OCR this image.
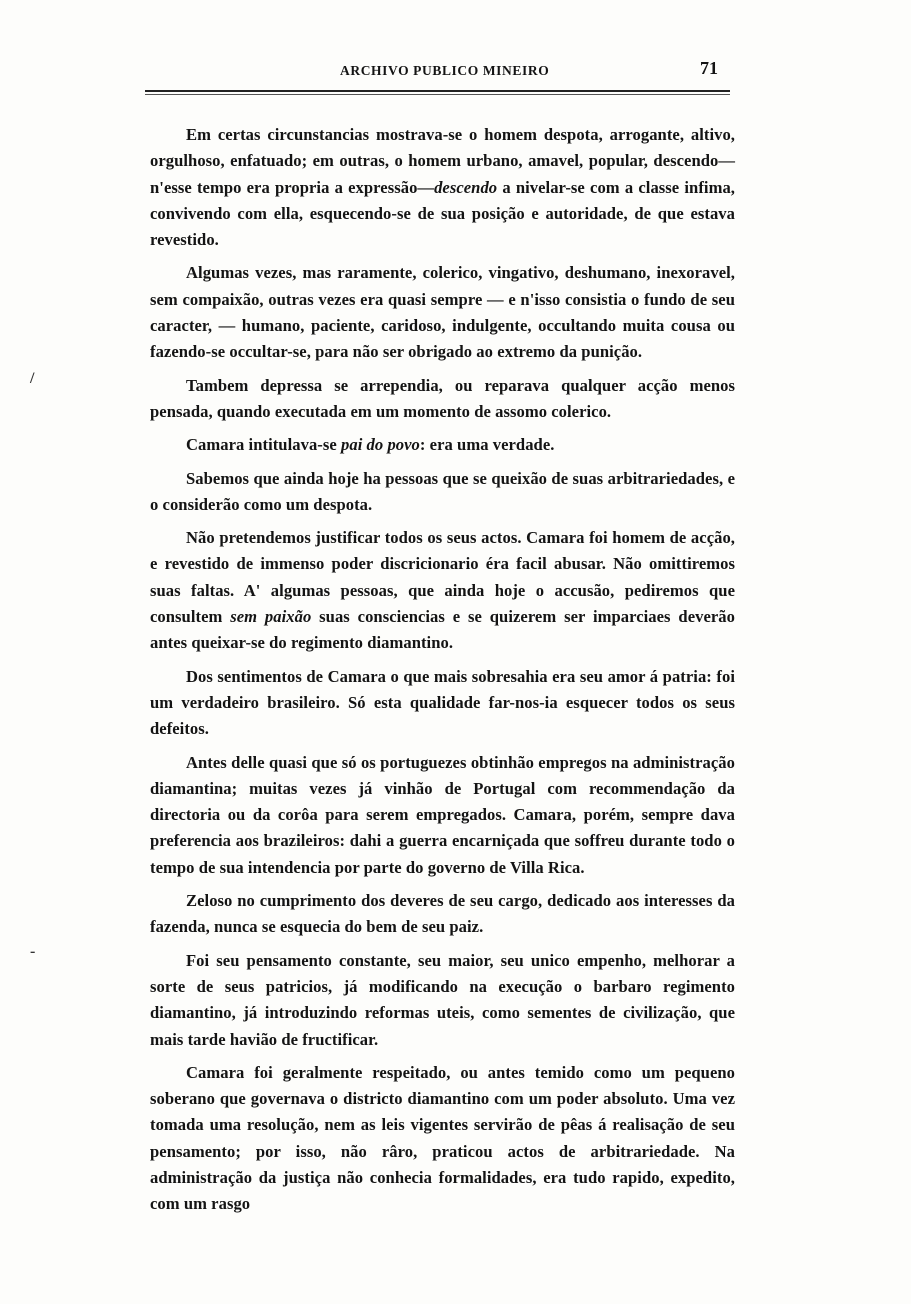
ARCHIVO PUBLICO MINEIRO	71
/
-

Em certas circunstancias mostrava-se o homem despota, arrogante, altivo, orgulhoso, enfatuado; em outras, o homem urbano, amavel, popular, descendo—n'esse tempo era propria a expressão—descendo a nivelar-se com a classe infima, convivendo com ella, esquecendo-se de sua posição e autoridade, de que estava revestido.

Algumas vezes, mas raramente, colerico, vingativo, deshumano, inexoravel, sem compaixão, outras vezes era quasi sempre — e n'isso consistia o fundo de seu caracter, — humano, paciente, caridoso, indulgente, occultando muita cousa ou fazendo-se occultar-se, para não ser obrigado ao extremo da punição.

Tambem depressa se arrependia, ou reparava qualquer acção menos pensada, quando executada em um momento de assomo colerico.

Camara intitulava-se pai do povo: era uma verdade.

Sabemos que ainda hoje ha pessoas que se queixão de suas arbitrariedades, e o considerão como um despota.

Não pretendemos justificar todos os seus actos. Camara foi homem de acção, e revestido de immenso poder discricionario éra facil abusar. Não omittiremos suas faltas. A' algumas pessoas, que ainda hoje o accusão, pediremos que consultem sem paixão suas consciencias e se quizerem ser imparciaes deverão antes queixar-se do regimento diamantino.

Dos sentimentos de Camara o que mais sobresahia era seu amor á patria: foi um verdadeiro brasileiro. Só esta qualidade far-nos-ia esquecer todos os seus defeitos.

Antes delle quasi que só os portuguezes obtinhão empregos na administração diamantina; muitas vezes já vinhão de Portugal com recommendação da directoria ou da corôa para serem empregados. Camara, porém, sempre dava preferencia aos brazileiros: dahi a guerra encarniçada que soffreu durante todo o tempo de sua intendencia por parte do governo de Villa Rica.

Zeloso no cumprimento dos deveres de seu cargo, dedicado aos interesses da fazenda, nunca se esquecia do bem de seu paiz.

Foi seu pensamento constante, seu maior, seu unico empenho, melhorar a sorte de seus patricios, já modificando na execução o barbaro regimento diamantino, já introduzindo reformas uteis, como sementes de civilização, que mais tarde havião de fructificar.

Camara foi geralmente respeitado, ou antes temido como um pequeno soberano que governava o districto diamantino com um poder absoluto. Uma vez tomada uma resolução, nem as leis vigentes servirão de pêas á realisação de seu pensamento; por isso, não râro, praticou actos de arbitrariedade. Na administração da justiça não conhecia formalidades, era tudo rapido, expedito, com um rasgo
